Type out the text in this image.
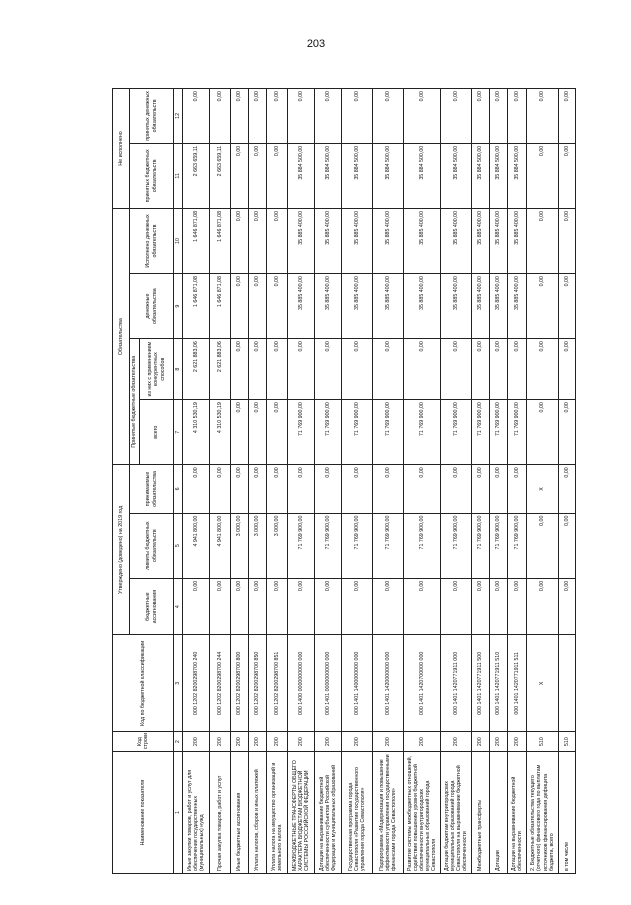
203
Наименование показателя	Код строки	Код по бюджетной классификации	Утверждено (доведено) на 2019 год			Обязательства				Не исполнено	
			бюджетные ассигнования	лимиты бюджетных обязательств	принимаемые обязательства	Принятые бюджетные обязательства		денежные обязательства	Исполнено денежных обязательств	принятых бюджетных обязательств	принятых денежных обязательств
						всего	из них с применением конкурентных способов				
1	2	3	4	5	6	7	8	9	10	11	12
Иные закупки товаров, работ и услуг для обеспечения государственных (муниципальных) нужд	200	000 1202 8200298700 240	0,00	4 941 800,00	0,00	4 310 530,19	2 621 883,06	1 646 871,08	1 646 871,08	2 663 659,11	0,00
Прочая закупка товаров, работ и услуг	200	000 1202 8200298700 244	0,00	4 941 800,00	0,00	4 310 530,19	2 621 883,06	1 646 871,08	1 646 871,08	2 663 659,11	0,00
Иные бюджетные ассигнования	200	000 1202 8200298700 800	0,00	3 000,00	0,00	0,00	0,00	0,00	0,00	0,00	0,00
Уплата налогов, сборов и иных платежей	200	000 1202 8200298700 850	0,00	3 000,00	0,00	0,00	0,00	0,00	0,00	0,00	0,00
Уплата налога на имущество организаций и земельного налога	200	000 1202 8200298700 851	0,00	3 000,00	0,00	0,00	0,00	0,00	0,00	0,00	0,00
МЕЖБЮДЖЕТНЫЕ ТРАНСФЕРТЫ ОБЩЕГО ХАРАКТЕРА БЮДЖЕТАМ БЮДЖЕТНОЙ СИСТЕМЫ РОССИЙСКОЙ ФЕДЕРАЦИИ	200	000 1400 0000000000 000	0,00	71 769 900,00	0,00	71 769 900,00	0,00	35 885 400,00	35 885 400,00	35 884 500,00	0,00
Дотации на выравнивание бюджетной обеспеченности субъектов Российской Федерации и муниципальных образований	200	000 1401 0000000000 000	0,00	71 769 900,00	0,00	71 769 900,00	0,00	35 885 400,00	35 885 400,00	35 884 500,00	0,00
Государственная программа города Севастополя «Развитие государственного управления города Севастополя»	200	000 1401 1400000000 000	0,00	71 769 900,00	0,00	71 769 900,00	0,00	35 885 400,00	35 885 400,00	35 884 500,00	0,00
Подпрограмма «Модернизация и повышение эффективности управления государственными финансами города Севастополя»	200	000 1401 1420000000 000	0,00	71 769 900,00	0,00	71 769 900,00	0,00	35 885 400,00	35 885 400,00	35 884 500,00	0,00
Развитие системы межбюджетных отношений, содействие повышению уровня бюджетной обеспеченности внутригородских муниципальных образований города Севастополя	200	000 1401 1420700000 000	0,00	71 769 900,00	0,00	71 769 900,00	0,00	35 885 400,00	35 885 400,00	35 884 500,00	0,00
Дотации бюджетам внутригородских муниципальных образований города Севастополя на выравнивание бюджетной обеспеченности	200	000 1401 1420771911 000	0,00	71 769 900,00	0,00	71 769 900,00	0,00	35 885 400,00	35 885 400,00	35 884 500,00	0,00
Межбюджетные трансферты	200	000 1401 1420771911 500	0,00	71 769 900,00	0,00	71 769 900,00	0,00	35 885 400,00	35 885 400,00	35 884 500,00	0,00
Дотации	200	000 1401 1420771911 510	0,00	71 769 900,00	0,00	71 769 900,00	0,00	35 885 400,00	35 885 400,00	35 884 500,00	0,00
Дотации на выравнивание бюджетной обеспеченности	200	000 1401 1420771911 511	0,00	71 769 900,00	0,00	71 769 900,00	0,00	35 885 400,00	35 885 400,00	35 884 500,00	0,00
2. Бюджетные обязательства текущего (отчетного) финансового года по выплатам источников финансирования дефицита бюджета, всего	510	X	0,00	0,00	X	0,00	0,00	0,00	0,00	0,00	0,00
в том числе	510		0,00	0,00	0,00	0,00	0,00	0,00	0,00	0,00	0,00
